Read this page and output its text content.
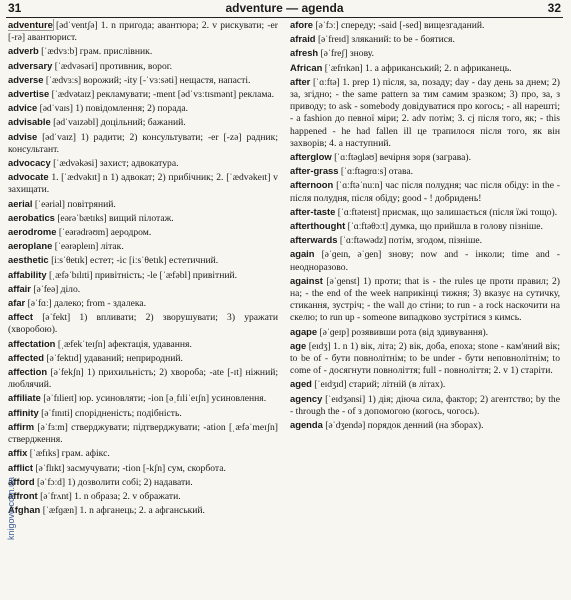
31	adventure — agenda	32
adventure [ədˈventʃə] 1. n пригода; авантюра; 2. v рискувати; -er [-rə] авантюрист.
adverb [ˈædvɜːb] грам. прислівник.
adversary [ˈædvəsəri] противник, ворог.
adverse [ˈædvɜːs] ворожий; -ity [-ˈvɜːsəti] нещастя, напасті.
advertise [ˈædvətaɪz] рекламувати; -ment [ədˈvɜːtɪsmənt] реклама.
advice [ədˈvaɪs] 1) повідомлення; 2) порада.
advisable [ədˈvaɪzəbl] доцільний; бажаний.
advise [ədˈvaɪz] 1) радити; 2) консультувати; -er [-zə] радник; консультант.
advocacy [ˈædvəkəsi] захист; адвокатура.
advocate 1. [ˈædvəkɪt] n 1) адвокат; 2) прибічник; 2. [ˈædvəkeɪt] v захищати.
aerial [ˈeəriəl] повітряний.
aerobatics [eərəˈbætɪks] вищий пілотаж.
aerodrome [ˈeərədrəʊm] аеродром.
aeroplane [ˈeərəpleɪn] літак.
aesthetic [iːsˈθetɪk] естет; -ic [iːsˈθetɪk] естетичний.
affability [ˌæfəˈbɪlɪti] привітність; -le [ˈæfəbl] привітний.
affair [əˈfeə] діло.
afar [əˈfɑː] далеко; from - здалека.
affect [əˈfekt] 1) впливати; 2) зворушувати; 3) уражати (хворобою).
affectation [ˌæfekˈteɪʃn] афектація, удавання.
affected [əˈfektɪd] удаваний; неприродний.
affection [əˈfekʃn] 1) прихильність; 2) хвороба; -ate [-ɪt] ніжний; люблячий.
affiliate [əˈfɪlieɪt] юр. усиновляти; -ion [əˌfɪliˈeɪʃn] усиновлення.
affinity [əˈfɪnɪti] спорідненість; подібність.
affirm [əˈfɜːm] стверджувати; підтверджувати; -ation [ˌæfəˈmeɪʃn] ствердження.
affix [ˈæfɪks] грам. афікс.
afflict [əˈflɪkt] засмучувати; -tion [-kʃn] сум, скорбота.
afford [əˈfɔːd] 1) дозволити собі; 2) надавати.
affront [əˈfrʌnt] 1. n образа; 2. v ображати.
Afghan [ˈæfɡæn] 1. n афганець; 2. a афганський.
afore [əˈfɔː] спереду; -said [-sed] вищезгаданий.
afraid [əˈfreɪd] зляканий: to be - боятися.
afresh [əˈfreʃ] знову.
African [ˈæfrɪkən] 1. a африканський; 2. n африканець.
after [ˈɑːftə] 1. prep 1) після, за, позаду; day - day день за днем; 2) за, згідно; - the same pattern за тим самим зразком; 3) про, за, з приводу; to ask - somebody довідуватися про когось; - all нарешті; - a fashion до певної міри; 2. adv потім; 3. cj після того, як; - this happened - he had fallen ill це трапилося після того, як він захворів; 4. a наступний.
afterglow [ˈɑːftəɡləʊ] вечірня зоря (заграва).
after-grass [ˈɑːftəɡrɑːs] отава.
afternoon [ˈɑːftəˈnuːn] час після полудня; час після обіду: in the - після полудня, після обіду; good - ! добридень!
after-taste [ˈɑːftəteɪst] присмак, що залишається (після їжі тощо).
afterthought [ˈɑːftəθɔːt] думка, що прийшла в голову пізніше.
afterwards [ˈɑːftəwədz] потім, згодом, пізніше.
again [əˈɡeɪn, əˈɡen] знову; now and - інколи; time and - неодноразово.
against [əˈɡenst] 1) проти; that is - the rules це проти правил; 2) на; - the end of the week наприкінці тижня; 3) вказує на сутичку, стикання, зустріч; - the wall до стіни; to run - a rock наскочити на скелю; to run up - someone випадково зустрітися з кимсь.
agape [əˈɡeɪp] розявивши рота (від здивування).
age [eɪdʒ] 1. n 1) вік, літа; 2) вік, доба, епоха; stone - кам'яний вік; to be of - бути повнолітнім; to be under - бути неповнолітнім; to come of - досягнути повноліття; full - повноліття; 2. v 1) старіти.
aged [ˈeɪdʒɪd] старий; літній (в літах).
agency [ˈeɪdʒənsi] 1) дія; діюча сила, фактор; 2) агентство; by the - through the - of з допомогою (когось, чогось).
agenda [əˈdʒendə] порядок денний (на зборах).
knigovo.com.ua
